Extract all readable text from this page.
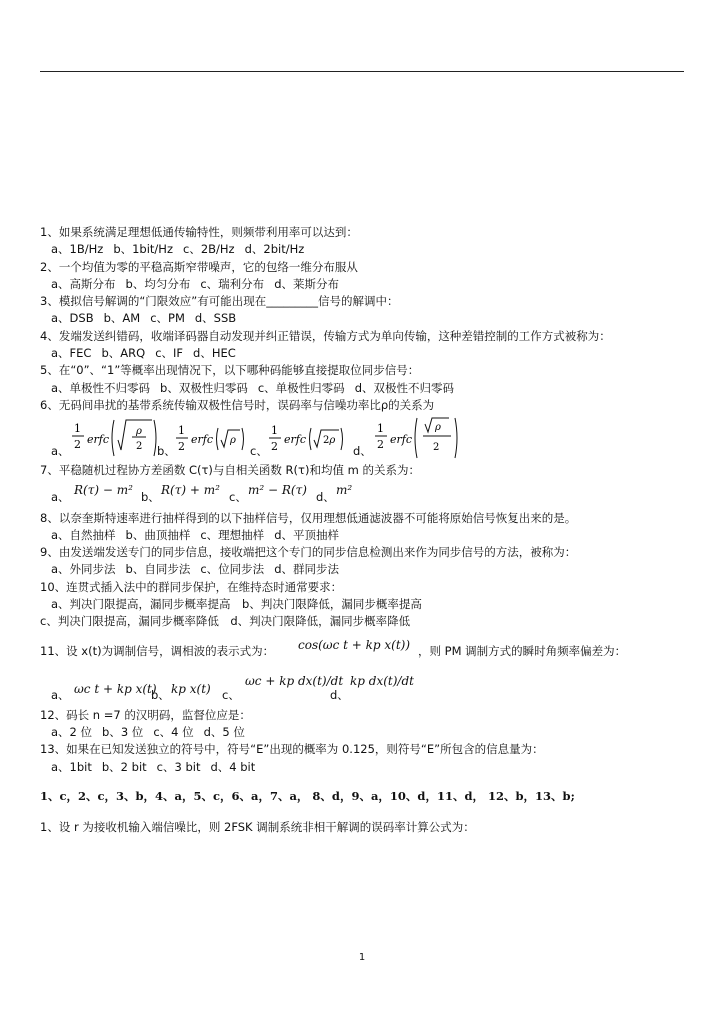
1、如果系统满足理想低通传输特性，则频带利用率可以达到：
a、1B/Hz b、1bit/Hz c、2B/Hz d、2bit/Hz
2、一个均值为零的平稳高斯窄带噪声，它的包络一维分布服从
a、高斯分布 b、均匀分布 c、瑞利分布 d、莱斯分布
3、模拟信号解调的“门限效应”有可能出现在_________信号的解调中：
a、DSB b、AM c、PM d、SSB
4、发端发送纠错码，收端译码器自动发现并纠正错误，传输方式为单向传输，这种差错控制的工作方式被称为：
a、FEC b、ARQ c、IF d、HEC
5、在“0”、“1”等概率出现情况下，以下哪种码能够直接提取位同步信号：
a、单极性不归零码 b、双极性归零码 c、单极性归零码 d、双极性不归零码
6、无码间串扰的基带系统传输双极性信号时，误码率与信噪功率比ρ的关系为
a、
1
2 erfc
ρ
2 b、
1
2
erfc ρ
c、
1
2
erfc 2ρ
d、
1
2 erfc
ρ
2
7、平稳随机过程协方差函数 C(τ)与自相关函数 R(τ)和均值 m 的关系为：
a、
R(τ) − m²
b、
R(τ) + m²
c、
m² − R(τ)
d、
m²
8、以奈奎斯特速率进行抽样得到的以下抽样信号，仅用理想低通滤波器不可能将原始信号恢复出来的是。
a、自然抽样 b、曲顶抽样 c、理想抽样 d、平顶抽样
9、由发送端发送专门的同步信息，接收端把这个专门的同步信息检测出来作为同步信号的方法，被称为：
a、外同步法 b、自同步法 c、位同步法 d、群同步法
10、连贯式插入法中的群同步保护，在维持态时通常要求：
a、判决门限提高，漏同步概率提高　b、判决门限降低，漏同步概率提高
c、判决门限提高，漏同步概率降低　d、判决门限降低，漏同步概率降低
11、设 x(t)为调制信号，调相波的表示式为： cos(ωc t + kp x(t)) ，则 PM 调制方式的瞬时角频率偏差为：
a、 ωc t + kp x(t)
b、 kp x(t) c、
ωc + kp dx(t)/dt
d、
kp dx(t)/dt
12、码长 n =7 的汉明码，监督位应是：
a、2 位 b、3 位 c、4 位 d、5 位
13、如果在已知发送独立的符号中，符号“E”出现的概率为 0.125，则符号“E”所包含的信息量为：
a、1bit b、2 bit c、3 bit d、4 bit
1、c，2、c，3、b，4、a，5、c，6、a，7、a， 8、d，9、a，10、d，11、d， 12、b，13、b;
1、设 r 为接收机输入端信噪比，则 2FSK 调制系统非相干解调的误码率计算公式为：
1
